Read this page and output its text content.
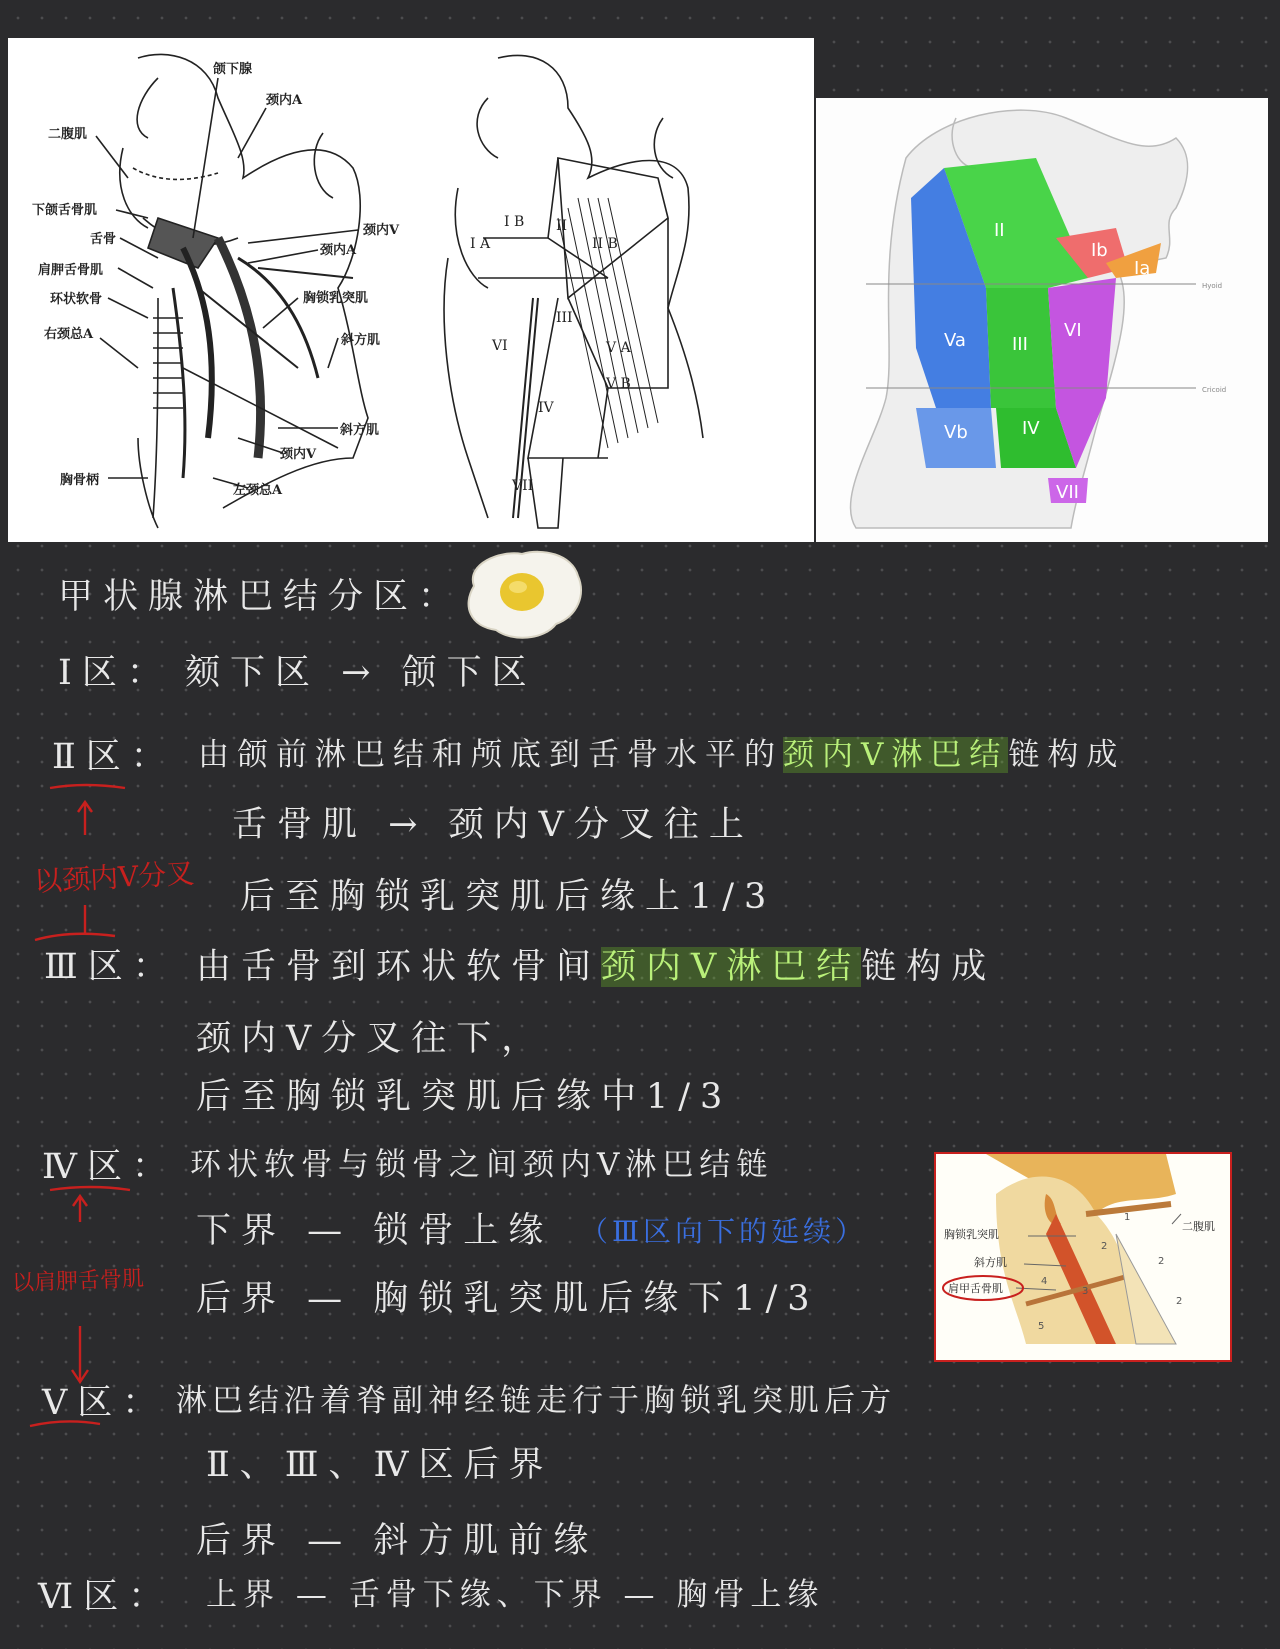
颌下腺
颈内A
二腹肌
下颌舌骨肌
舌骨
肩胛舌骨肌
环状软骨
右颈总A
颈内V
颈内A
胸锁乳突肌
斜方肌
斜方肌
颈内V
胸骨柄
左颈总A
I B
I A
II
II B
III
V A
V B
IV
VI
VII
II
Ib
Ia
Va	III
VI
Vb	IV
VII
Hyoid
Cricoid
甲状腺淋巴结分区：
Ⅰ区： 颏下区 → 颌下区
Ⅱ区： 由颌前淋巴结和颅底到舌骨水平的颈内V淋巴结链构成
舌骨肌 → 颈内V分叉往上
后至胸锁乳突肌后缘上1/3
Ⅲ区： 由舌骨到环状软骨间颈内V淋巴结链构成
颈内V分叉往下，
后至胸锁乳突肌后缘中1/3
Ⅳ区： 环状软骨与锁骨之间颈内V淋巴结链
下界 — 锁骨上缘 （Ⅲ区向下的延续）
后界 — 胸锁乳突肌后缘下1/3
Ⅴ区： 淋巴结沿着脊副神经链走行于胸锁乳突肌后方
Ⅱ、Ⅲ、Ⅳ区后界
后界 — 斜方肌前缘
Ⅵ区： 上界 — 舌骨下缘、下界 — 胸骨上缘
以颈内V分叉
以肩胛舌骨肌
胸锁乳突肌
二腹肌
斜方肌
肩甲舌骨肌
1
2
3
4
5
2
2
